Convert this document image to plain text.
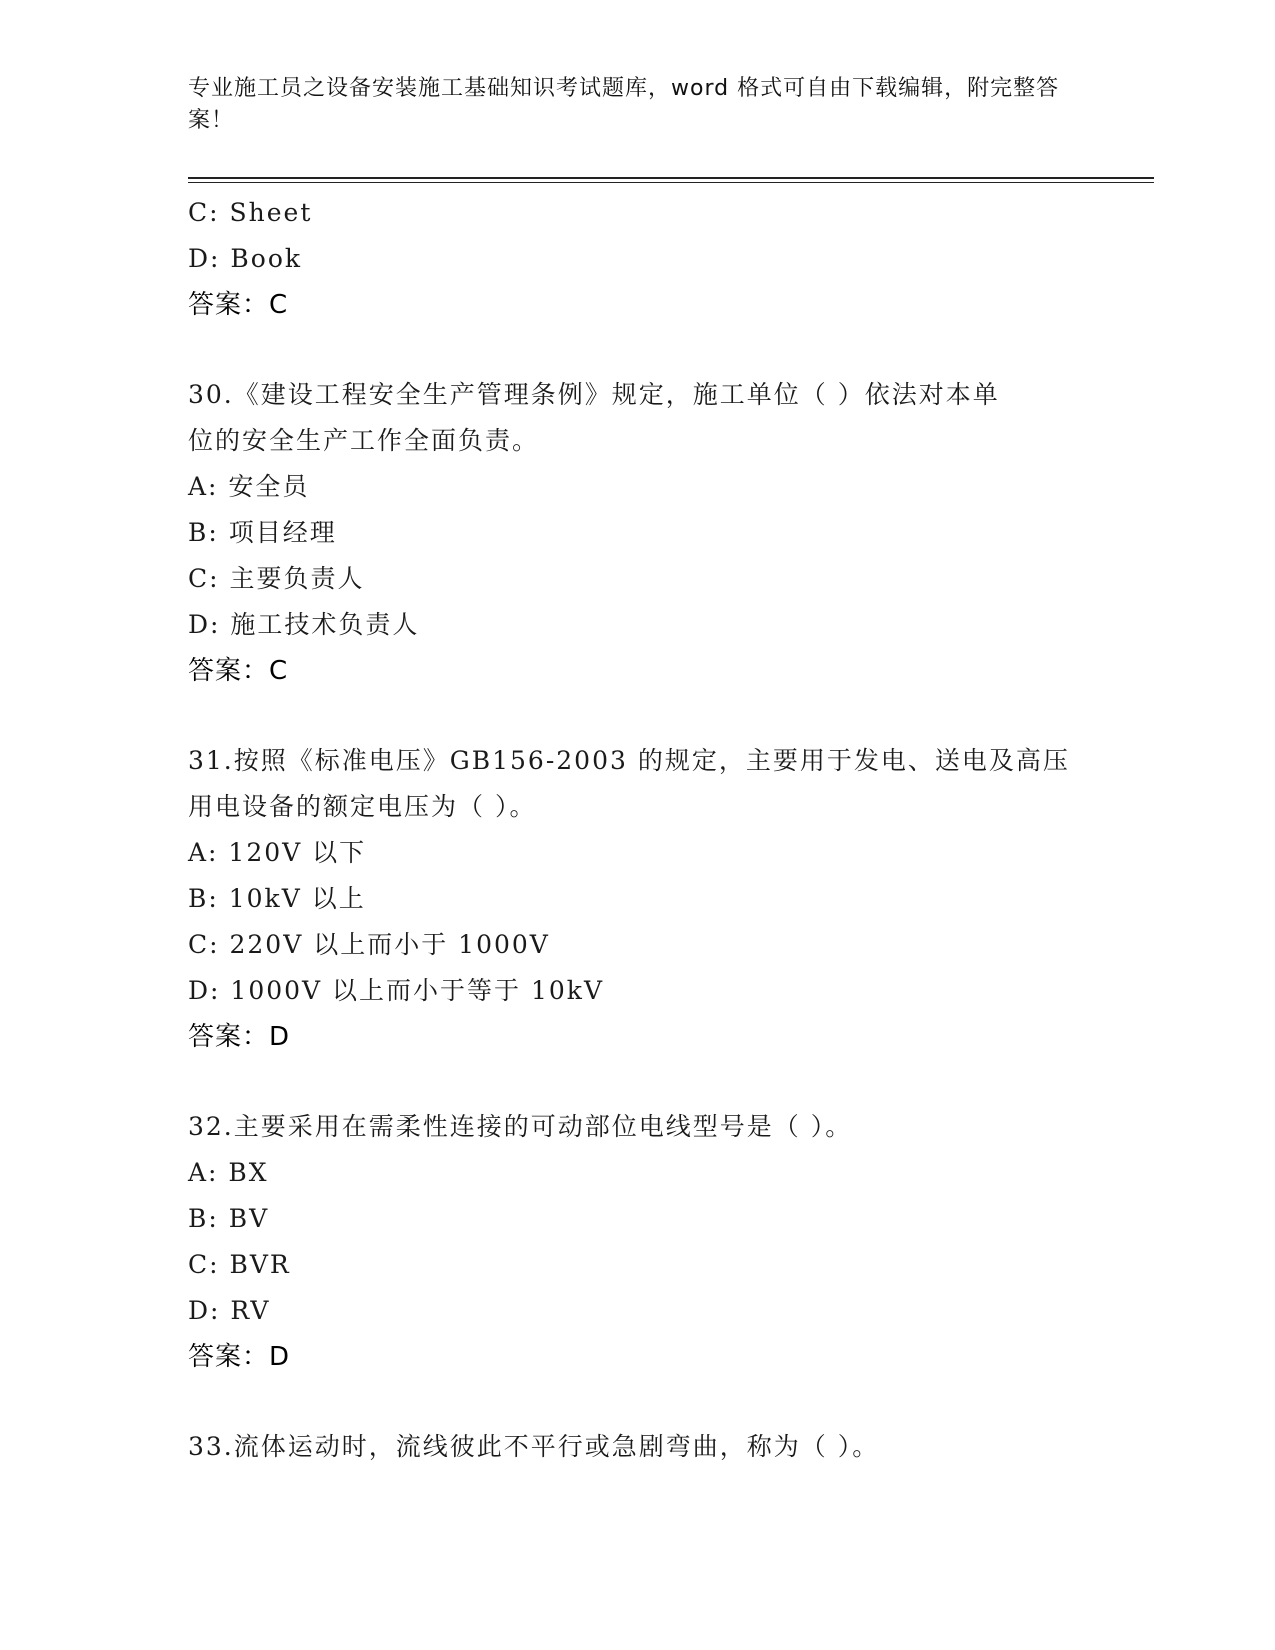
专业施工员之设备安装施工基础知识考试题库，word 格式可自由下载编辑，附完整答案！
C: Sheet
D: Book
答案：C
30.《建设工程安全生产管理条例》规定，施工单位（ ）依法对本单
位的安全生产工作全面负责。
A: 安全员
B: 项目经理
C: 主要负责人
D: 施工技术负责人
答案：C
31.按照《标准电压》GB156-2003 的规定，主要用于发电、送电及高压
用电设备的额定电压为（ ）。
A: 120V 以下
B: 10kV 以上
C: 220V 以上而小于 1000V
D: 1000V 以上而小于等于 10kV
答案：D
32.主要采用在需柔性连接的可动部位电线型号是（ ）。
A: BX
B: BV
C: BVR
D: RV
答案：D
33.流体运动时，流线彼此不平行或急剧弯曲，称为（ ）。
